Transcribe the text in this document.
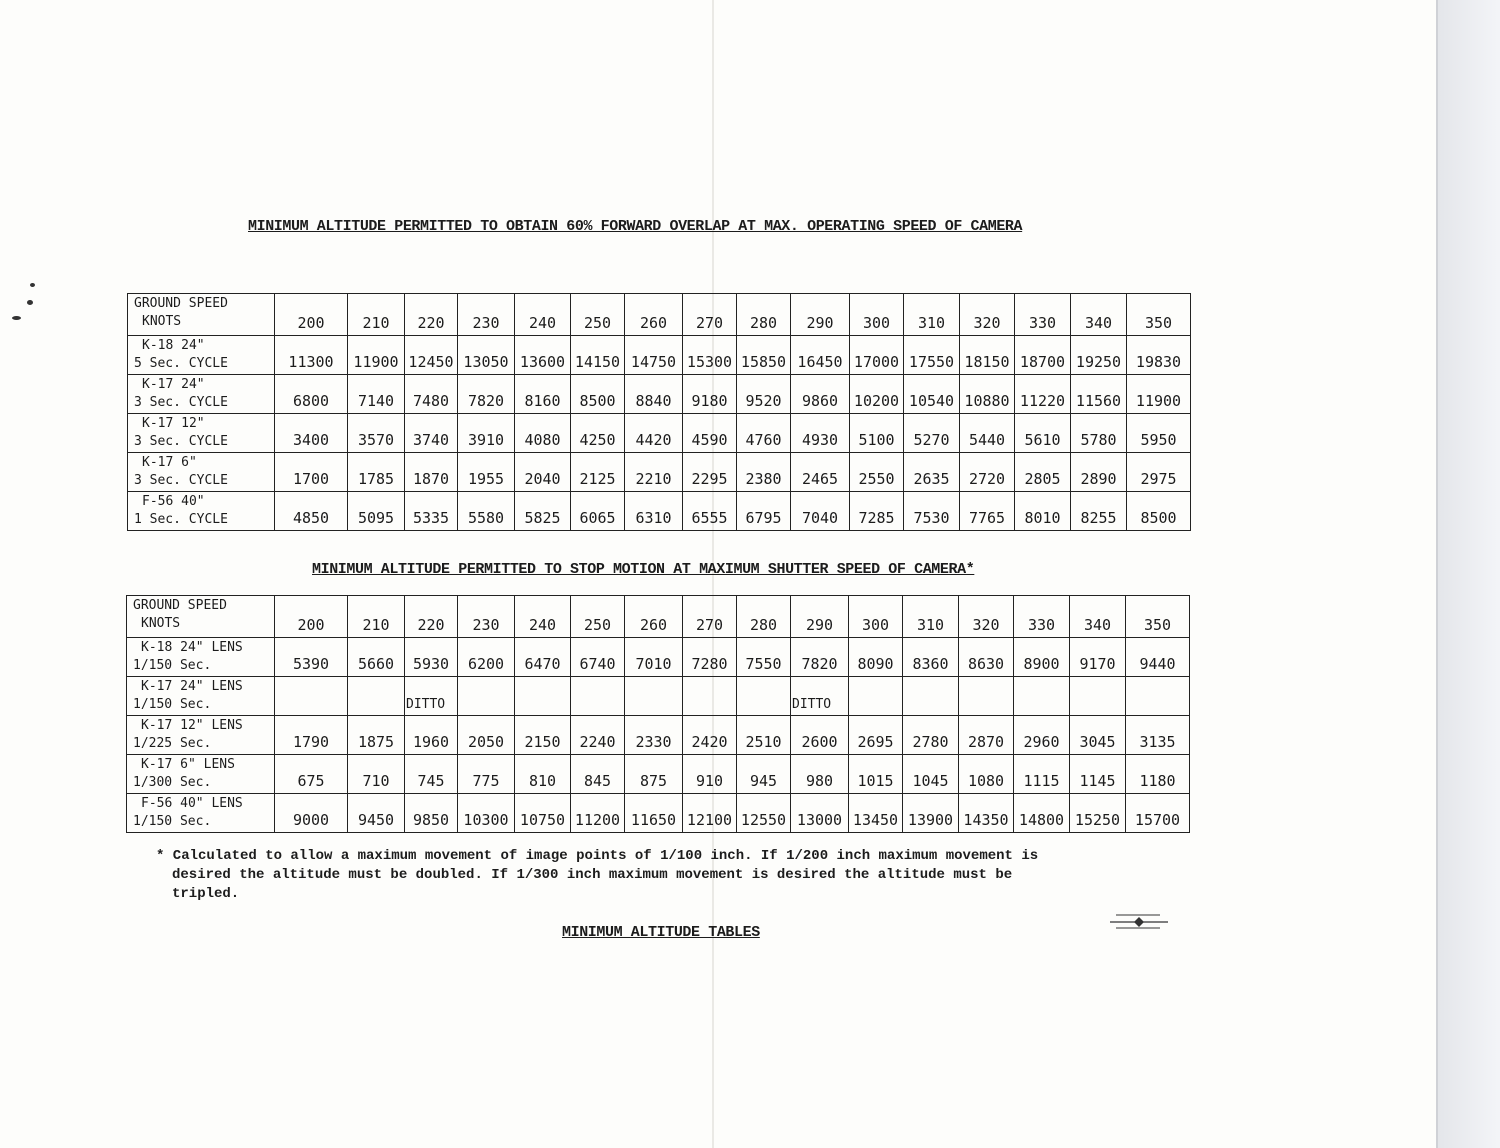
MINIMUM ALTITUDE PERMITTED TO OBTAIN 60% FORWARD OVERLAP AT MAX. OPERATING SPEED OF CAMERA

GROUND SPEED
KNOTS	200	210	220	230	240	250	260	270	280	290	300	310	320	330	340	350

K-18 24"
5 Sec. CYCLE	11300	11900	12450	13050	13600	14150	14750	15300	15850	16450	17000	17550	18150	18700	19250	19830

K-17 24"
3 Sec. CYCLE	6800	7140	7480	7820	8160	8500	8840	9180	9520	9860	10200	10540	10880	11220	11560	11900

K-17 12"
3 Sec. CYCLE	3400	3570	3740	3910	4080	4250	4420	4590	4760	4930	5100	5270	5440	5610	5780	5950

K-17 6"
3 Sec. CYCLE	1700	1785	1870	1955	2040	2125	2210	2295	2380	2465	2550	2635	2720	2805	2890	2975

F-56 40"
1 Sec. CYCLE	4850	5095	5335	5580	5825	6065	6310	6555	6795	7040	7285	7530	7765	8010	8255	8500

MINIMUM ALTITUDE PERMITTED TO STOP MOTION AT MAXIMUM SHUTTER SPEED OF CAMERA*

GROUND SPEED
KNOTS	200	210	220	230	240	250	260	270	280	290	300	310	320	330	340	350

K-18 24" LENS
1/150 Sec.	5390	5660	5930	6200	6470	6740	7010	7280	7550	7820	8090	8360	8630	8900	9170	9440

K-17 24" LENS
1/150 Sec.			DITTO							DITTO						

K-17 12" LENS
1/225 Sec.	1790	1875	1960	2050	2150	2240	2330	2420	2510	2600	2695	2780	2870	2960	3045	3135

K-17 6" LENS
1/300 Sec.	675	710	745	775	810	845	875	910	945	980	1015	1045	1080	1115	1145	1180

F-56 40" LENS
1/150 Sec.	9000	9450	9850	10300	10750	11200	11650	12100	12550	13000	13450	13900	14350	14800	15250	15700

* Calculated to allow a maximum movement of image points of 1/100 inch. If 1/200 inch maximum movement is
desired the altitude must be doubled. If 1/300 inch maximum movement is desired the altitude must be
tripled.

MINIMUM ALTITUDE TABLES
